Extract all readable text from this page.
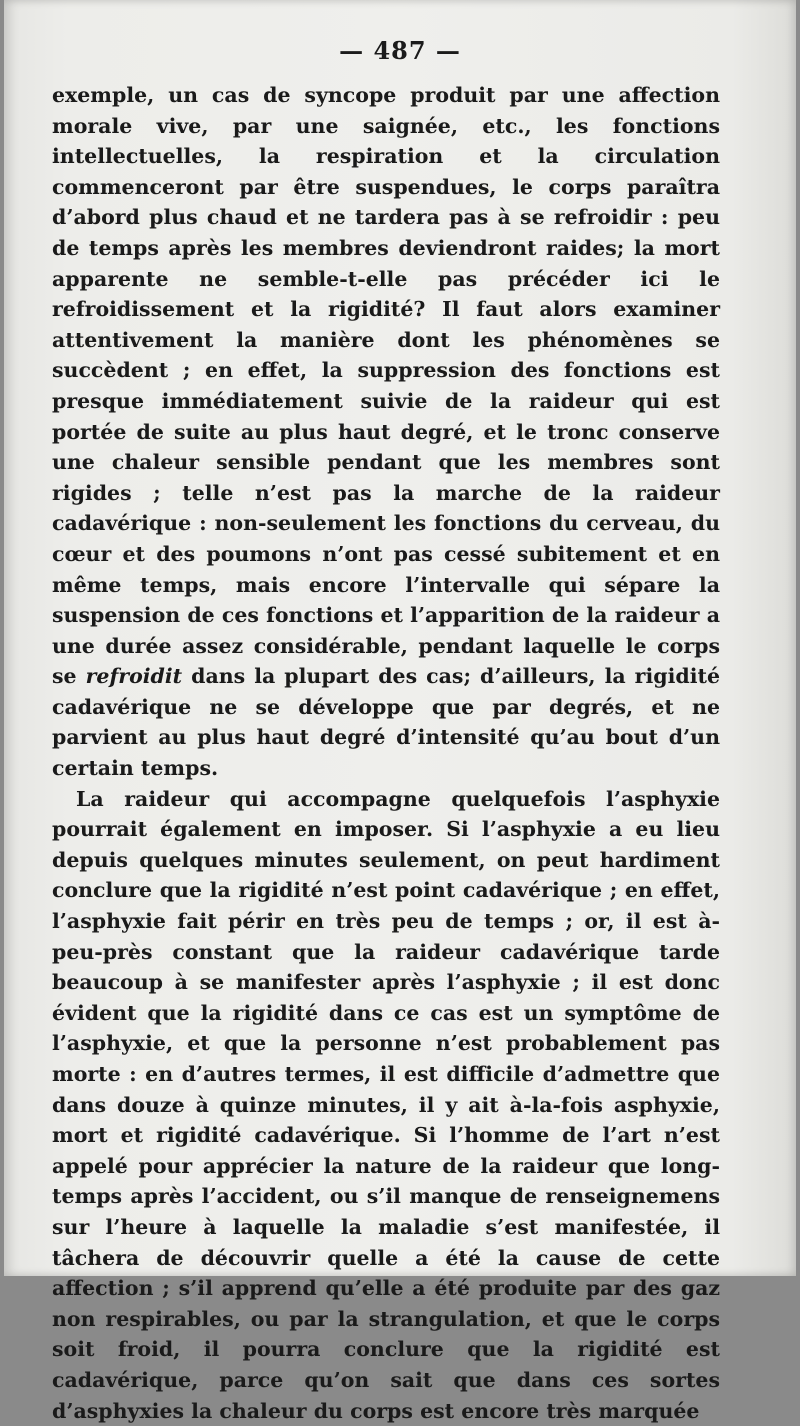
— 487 —

exemple, un cas de syncope produit par une affection morale vive, par une saignée, etc., les fonctions intellectuelles, la respiration et la circulation commenceront par être suspendues, le corps paraîtra d’abord plus chaud et ne tardera pas à se refroidir : peu de temps après les membres deviendront raides; la mort apparente ne semble-t-elle pas précéder ici le refroidissement et la rigidité? Il faut alors examiner attentivement la manière dont les phénomènes se succèdent ; en effet, la suppression des fonctions est presque immédiatement suivie de la raideur qui est portée de suite au plus haut degré, et le tronc conserve une chaleur sensible pendant que les membres sont rigides ; telle n’est pas la marche de la raideur cadavérique : non-seulement les fonctions du cerveau, du cœur et des poumons n’ont pas cessé subitement et en même temps, mais encore l’intervalle qui sépare la suspension de ces fonctions et l’apparition de la raideur a une durée assez considérable, pendant laquelle le corps se refroidit dans la plupart des cas; d’ailleurs, la rigidité cadavérique ne se développe que par degrés, et ne parvient au plus haut degré d’intensité qu’au bout d’un certain temps.

La raideur qui accompagne quelquefois l’asphyxie pourrait également en imposer. Si l’asphyxie a eu lieu depuis quelques minutes seulement, on peut hardiment conclure que la rigidité n’est point cadavérique ; en effet, l’asphyxie fait périr en très peu de temps ; or, il est à-peu-près constant que la raideur cadavérique tarde beaucoup à se manifester après l’asphyxie ; il est donc évident que la rigidité dans ce cas est un symptôme de l’asphyxie, et que la personne n’est probablement pas morte : en d’autres termes, il est difficile d’admettre que dans douze à quinze minutes, il y ait à-la-fois asphyxie, mort et rigidité cadavérique. Si l’homme de l’art n’est appelé pour apprécier la nature de la raideur que long-temps après l’accident, ou s’il manque de renseignemens sur l’heure à laquelle la maladie s’est manifestée, il tâchera de découvrir quelle a été la cause de cette affection ; s’il apprend qu’elle a été produite par des gaz non respirables, ou par la strangulation, et que le corps soit froid, il pourra conclure que la rigidité est cadavérique, parce qu’on sait que dans ces sortes d’asphyxies la chaleur du corps est encore très marquée
